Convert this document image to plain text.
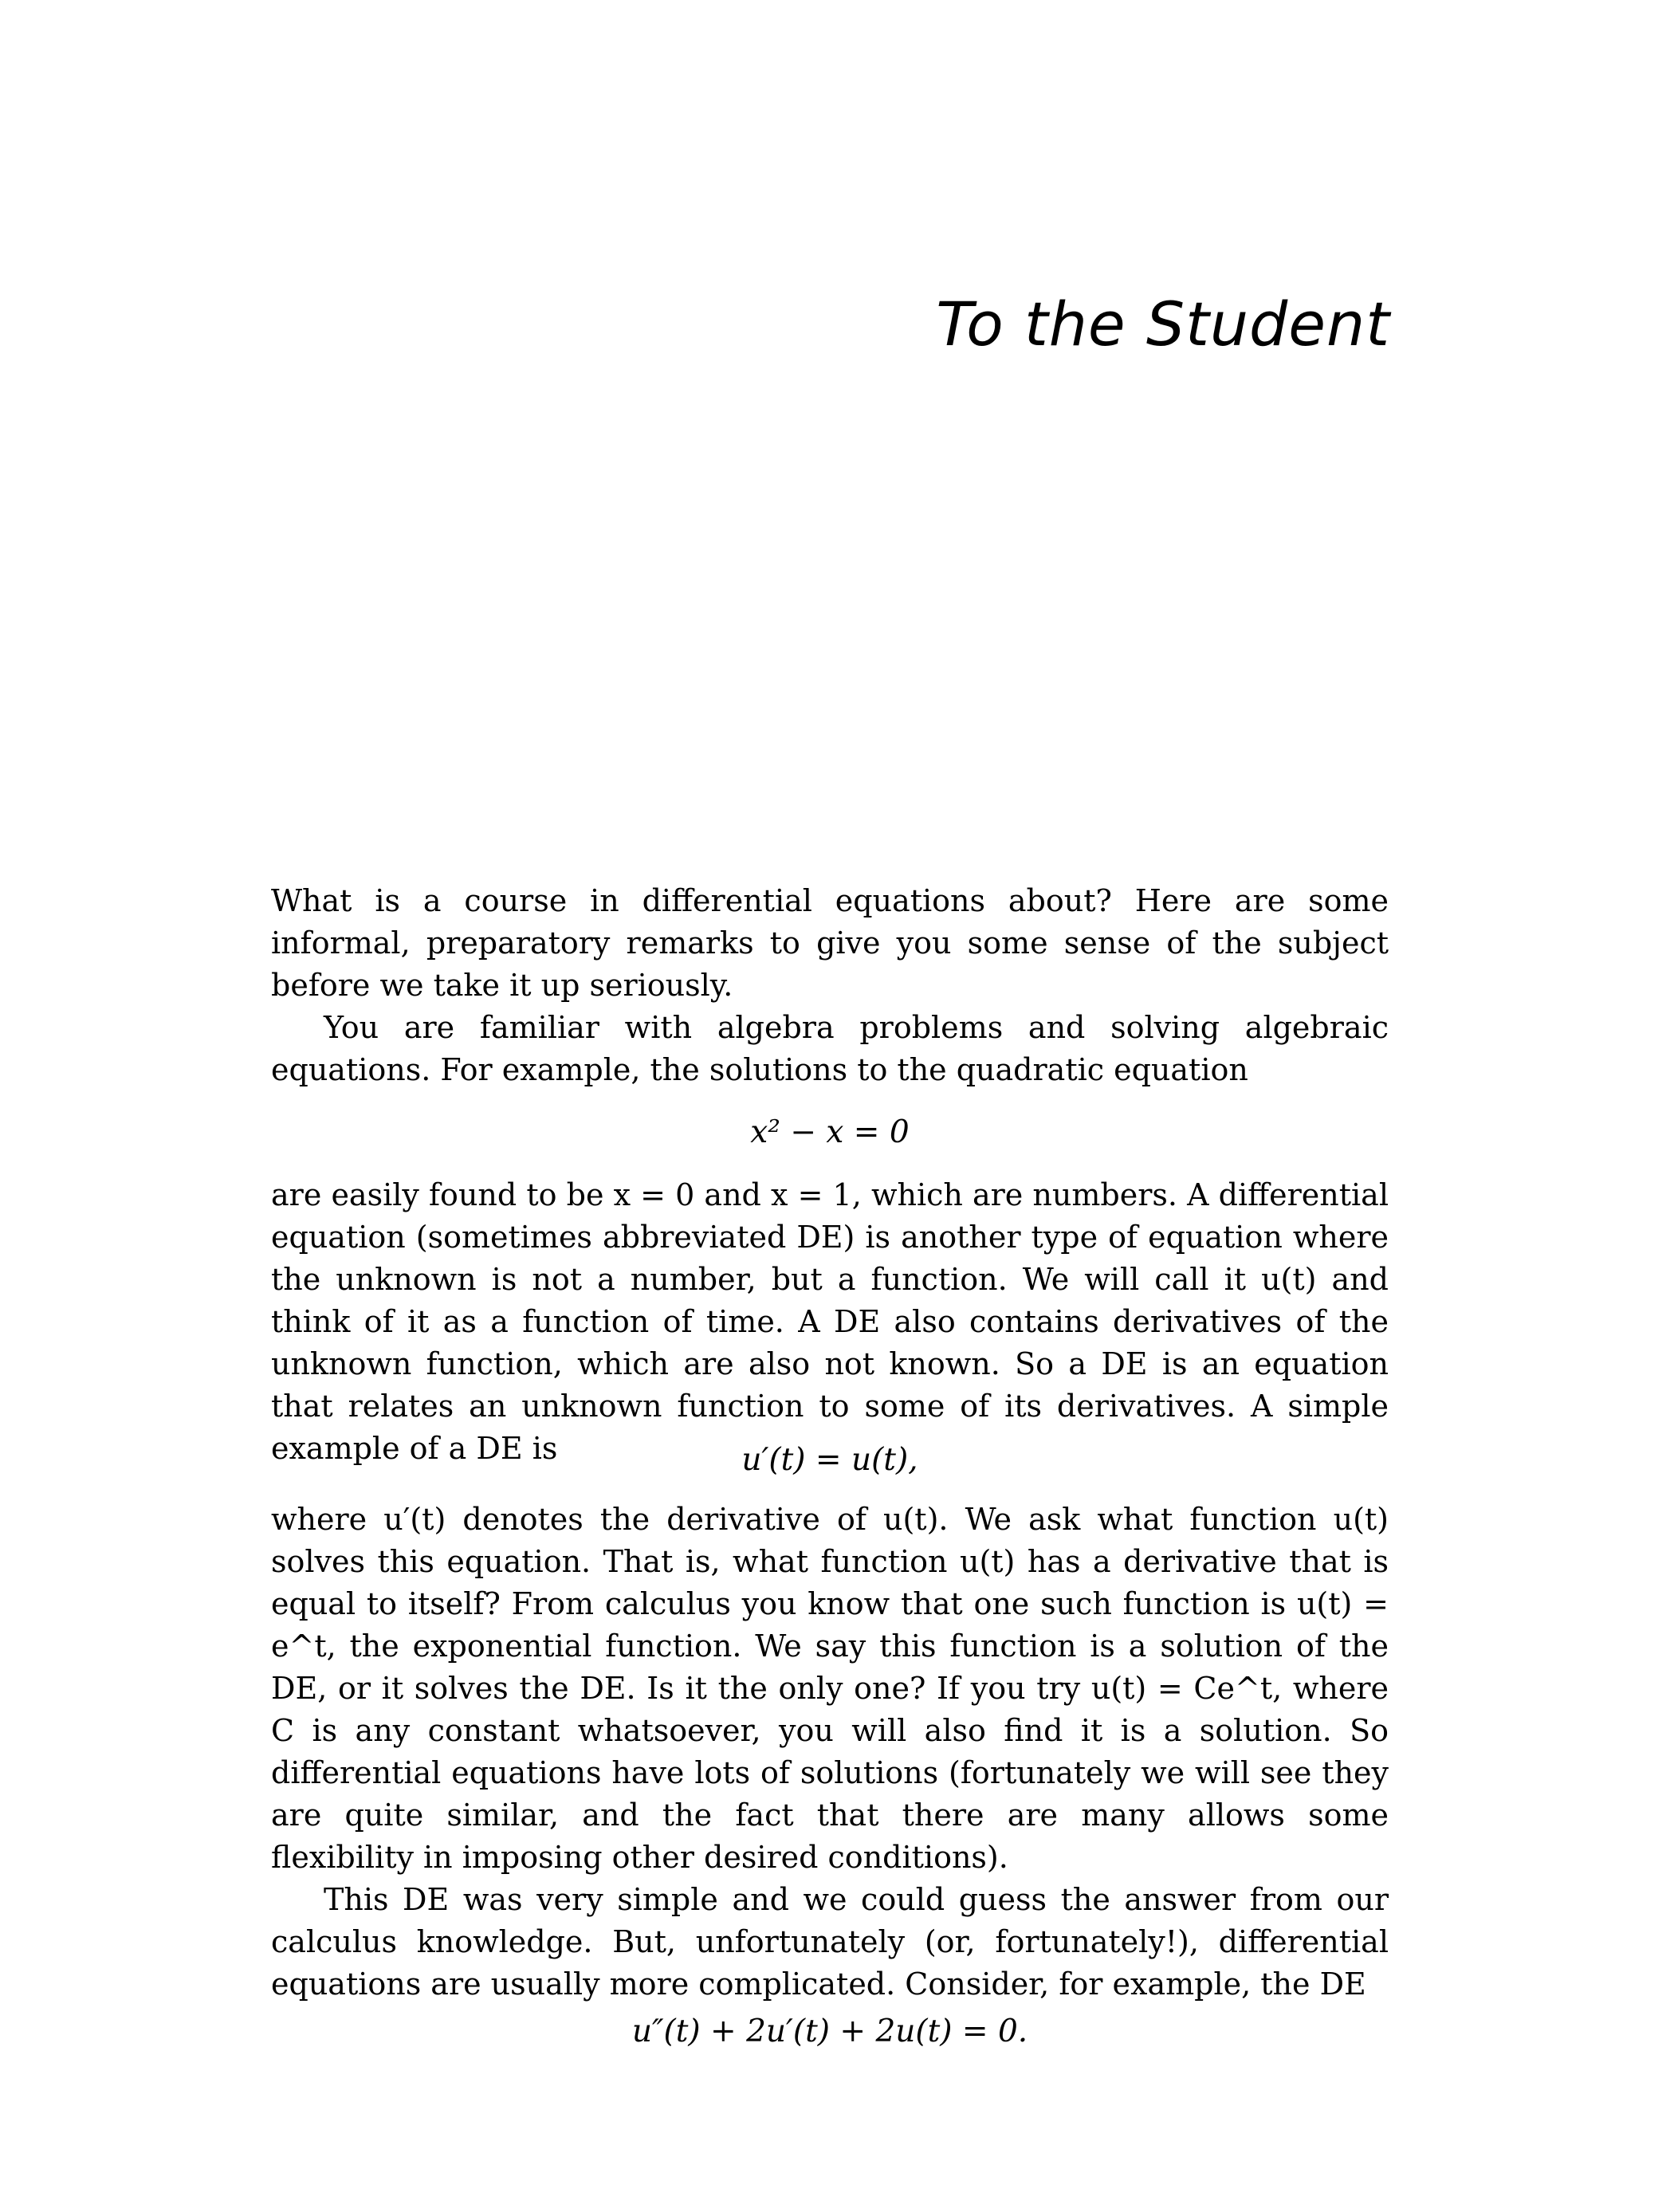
To the Student

What is a course in differential equations about? Here are some informal, preparatory remarks to give you some sense of the subject before we take it up seriously.

You are familiar with algebra problems and solving algebraic equations. For example, the solutions to the quadratic equation

x² − x = 0

are easily found to be x = 0 and x = 1, which are numbers. A differential equation (sometimes abbreviated DE) is another type of equation where the unknown is not a number, but a function. We will call it u(t) and think of it as a function of time. A DE also contains derivatives of the unknown function, which are also not known. So a DE is an equation that relates an unknown function to some of its derivatives. A simple example of a DE is	u′(t) = u(t),

where u′(t) denotes the derivative of u(t). We ask what function u(t) solves this equation. That is, what function u(t) has a derivative that is equal to itself? From calculus you know that one such function is u(t) = e^t, the exponential function. We say this function is a solution of the DE, or it solves the DE. Is it the only one? If you try u(t) = Ce^t, where C is any constant whatsoever, you will also find it is a solution. So differential equations have lots of solutions (fortunately we will see they are quite similar, and the fact that there are many allows some flexibility in imposing other desired conditions).

This DE was very simple and we could guess the answer from our calculus knowledge. But, unfortunately (or, fortunately!), differential equations are usually more complicated. Consider, for example, the DE

u″(t) + 2u′(t) + 2u(t) = 0.
